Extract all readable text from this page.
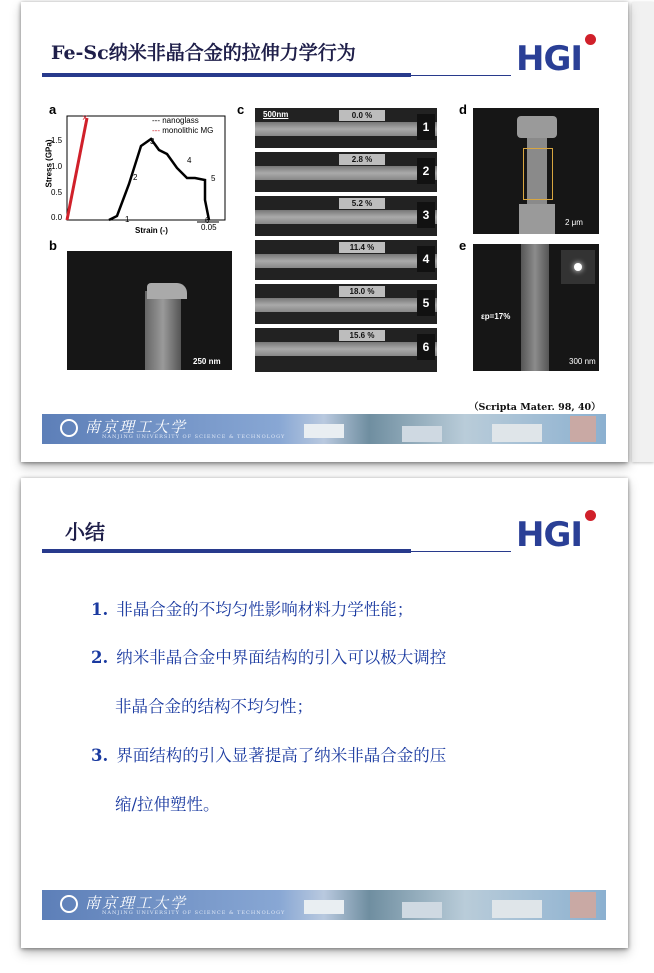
Fe-Sc纳米非晶合金的拉伸力学行为	HGI
a
×
1
2
3
4
5
6
0.0
0.5
1.0
1.5
Strain (-)
Stress (GPa)
--- nanoglass
--- monolithic MG
0.05
b
250 nm
c 500nm	0.0 %
1
2.8 %
2
5.2 %
3
11.4 %
4
18.0 %
5
15.6 %
6
d
2 μm
e
εp=17%
300 nm
（Scripta Mater. 98, 40）
南京理工大学
NANJING UNIVERSITY OF SCIENCE & TECHNOLOGY
小结	HGI
1. 非晶合金的不均匀性影响材料力学性能；
2. 纳米非晶合金中界面结构的引入可以极大调控
非晶合金的结构不均匀性；
3. 界面结构的引入显著提高了纳米非晶合金的压
缩/拉伸塑性。
南京理工大学
NANJING UNIVERSITY OF SCIENCE & TECHNOLOGY
